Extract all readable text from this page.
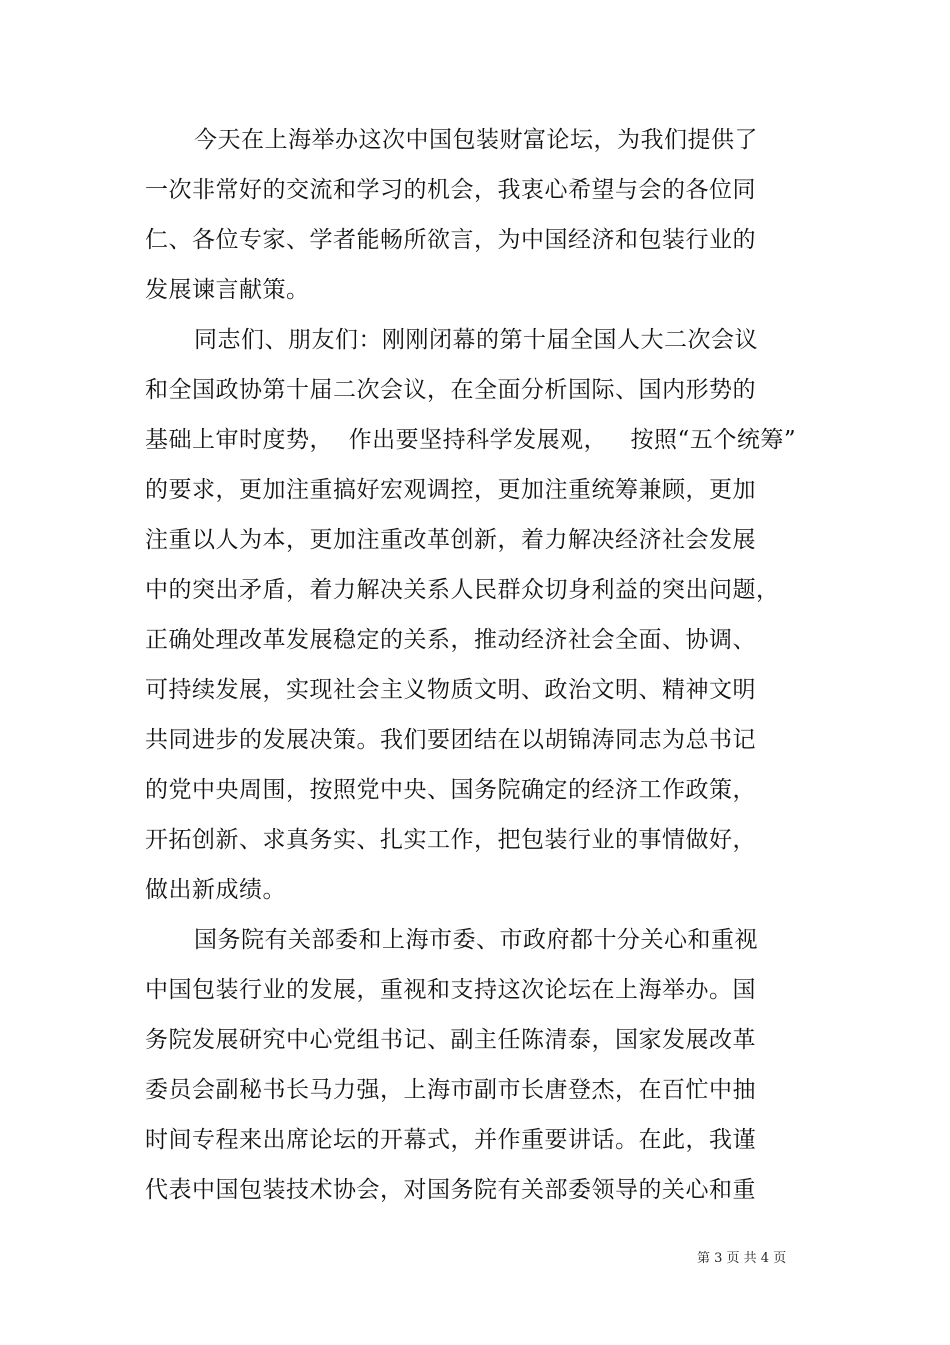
今天在上海举办这次中国包装财富论坛，为我们提供了
一次非常好的交流和学习的机会，我衷心希望与会的各位同
仁、各位专家、学者能畅所欲言，为中国经济和包装行业的
发展谏言献策。
同志们、朋友们：刚刚闭幕的第十届全国人大二次会议
和全国政协第十届二次会议，在全面分析国际、国内形势的
基础上审时度势，  作出要坚持科学发展观，   按照“五个统筹”
的要求，更加注重搞好宏观调控，更加注重统筹兼顾，更加
注重以人为本，更加注重改革创新，着力解决经济社会发展
中的突出矛盾，着力解决关系人民群众切身利益的突出问题，
正确处理改革发展稳定的关系，推动经济社会全面、协调、
可持续发展，实现社会主义物质文明、政治文明、精神文明
共同进步的发展决策。我们要团结在以胡锦涛同志为总书记
的党中央周围，按照党中央、国务院确定的经济工作政策，
开拓创新、求真务实、扎实工作，把包装行业的事情做好，
做出新成绩。
国务院有关部委和上海市委、市政府都十分关心和重视
中国包装行业的发展，重视和支持这次论坛在上海举办。国
务院发展研究中心党组书记、副主任陈清泰，国家发展改革
委员会副秘书长马力强，上海市副市长唐登杰，在百忙中抽
时间专程来出席论坛的开幕式，并作重要讲话。在此，我谨
代表中国包装技术协会，对国务院有关部委领导的关心和重
第 3 页 共 4 页
